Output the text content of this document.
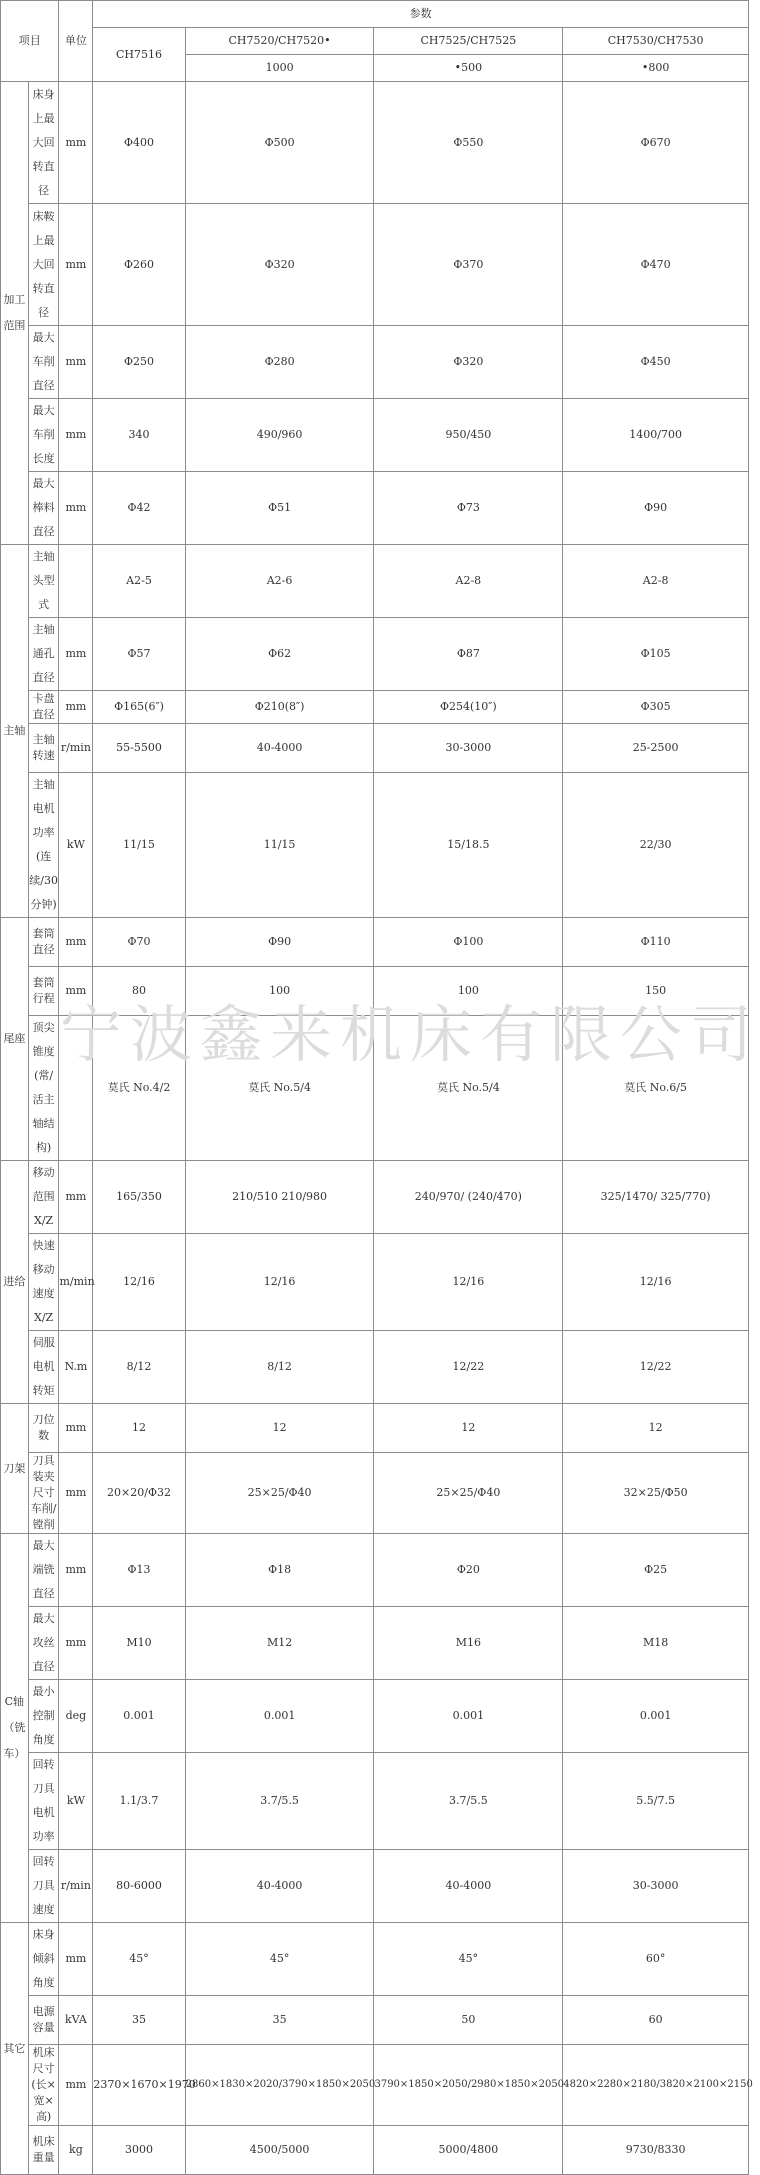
项目		单位	参数			
			CH7516	CH7520/CH7520•	CH7525/CH7525	CH7530/CH7530
				1000	•500	•800
加工范围	床身上最大回转直径	mm	Φ400	Φ500	Φ550	Φ670
	床鞍上最大回转直径	mm	Φ260	Φ320	Φ370	Φ470
	最大车削直径	mm	Φ250	Φ280	Φ320	Φ450
	最大车削长度	mm	340	490/960	950/450	1400/700
	最大棒料直径	mm	Φ42	Φ51	Φ73	Φ90
主轴	主轴头型式		A2-5	A2-6	A2-8	A2-8
	主轴通孔直径	mm	Φ57	Φ62	Φ87	Φ105
	卡盘直径	mm	Φ165(6″)	Φ210(8″)	Φ254(10″)	Φ305
	主轴转速	r/min	55-5500	40-4000	30-3000	25-2500
	主轴电机功率(连续/30分钟)	kW	11/15	11/15	15/18.5	22/30
尾座	套筒直径	mm	Φ70	Φ90	Φ100	Φ110
	套筒行程	mm	80	100	100	150
	顶尖锥度(常/活主轴结构)		莫氏 No.4/2	莫氏 No.5/4	莫氏 No.5/4	莫氏 No.6/5
进给	移动范围X/Z	mm	165/350	210/510 210/980	240/970/ (240/470)	325/1470/ 325/770)
	快速移动速度X/Z	m/min	12/16	12/16	12/16	12/16
	伺服电机转矩	N.m	8/12	8/12	12/22	12/22
刀架	刀位数	mm	12	12	12	12
	刀具装夹尺寸车削/镗削	mm	20×20/Φ32	25×25/Φ40	25×25/Φ40	32×25/Φ50
C轴（铣车）	最大端铣直径	mm	Φ13	Φ18	Φ20	Φ25
	最大攻丝直径	mm	M10	M12	M16	M18
	最小控制角度	deg	0.001	0.001	0.001	0.001
	回转刀具电机功率	kW	1.1/3.7	3.7/5.5	3.7/5.5	5.5/7.5
	回转刀具速度	r/min	80-6000	40-4000	40-4000	30-3000
其它	床身倾斜角度	mm	45°	45°	45°	60°
	电源容量	kVA	35	35	50	60
	机床尺寸(长×宽×高)	mm	2370×1670×1970	2860×1830×2020/3790×1850×2050	3790×1850×2050/2980×1850×2050	4820×2280×2180/3820×2100×2150
	机床重量	kg	3000	4500/5000	5000/4800	9730/8330
宁波鑫来机床有限公司
